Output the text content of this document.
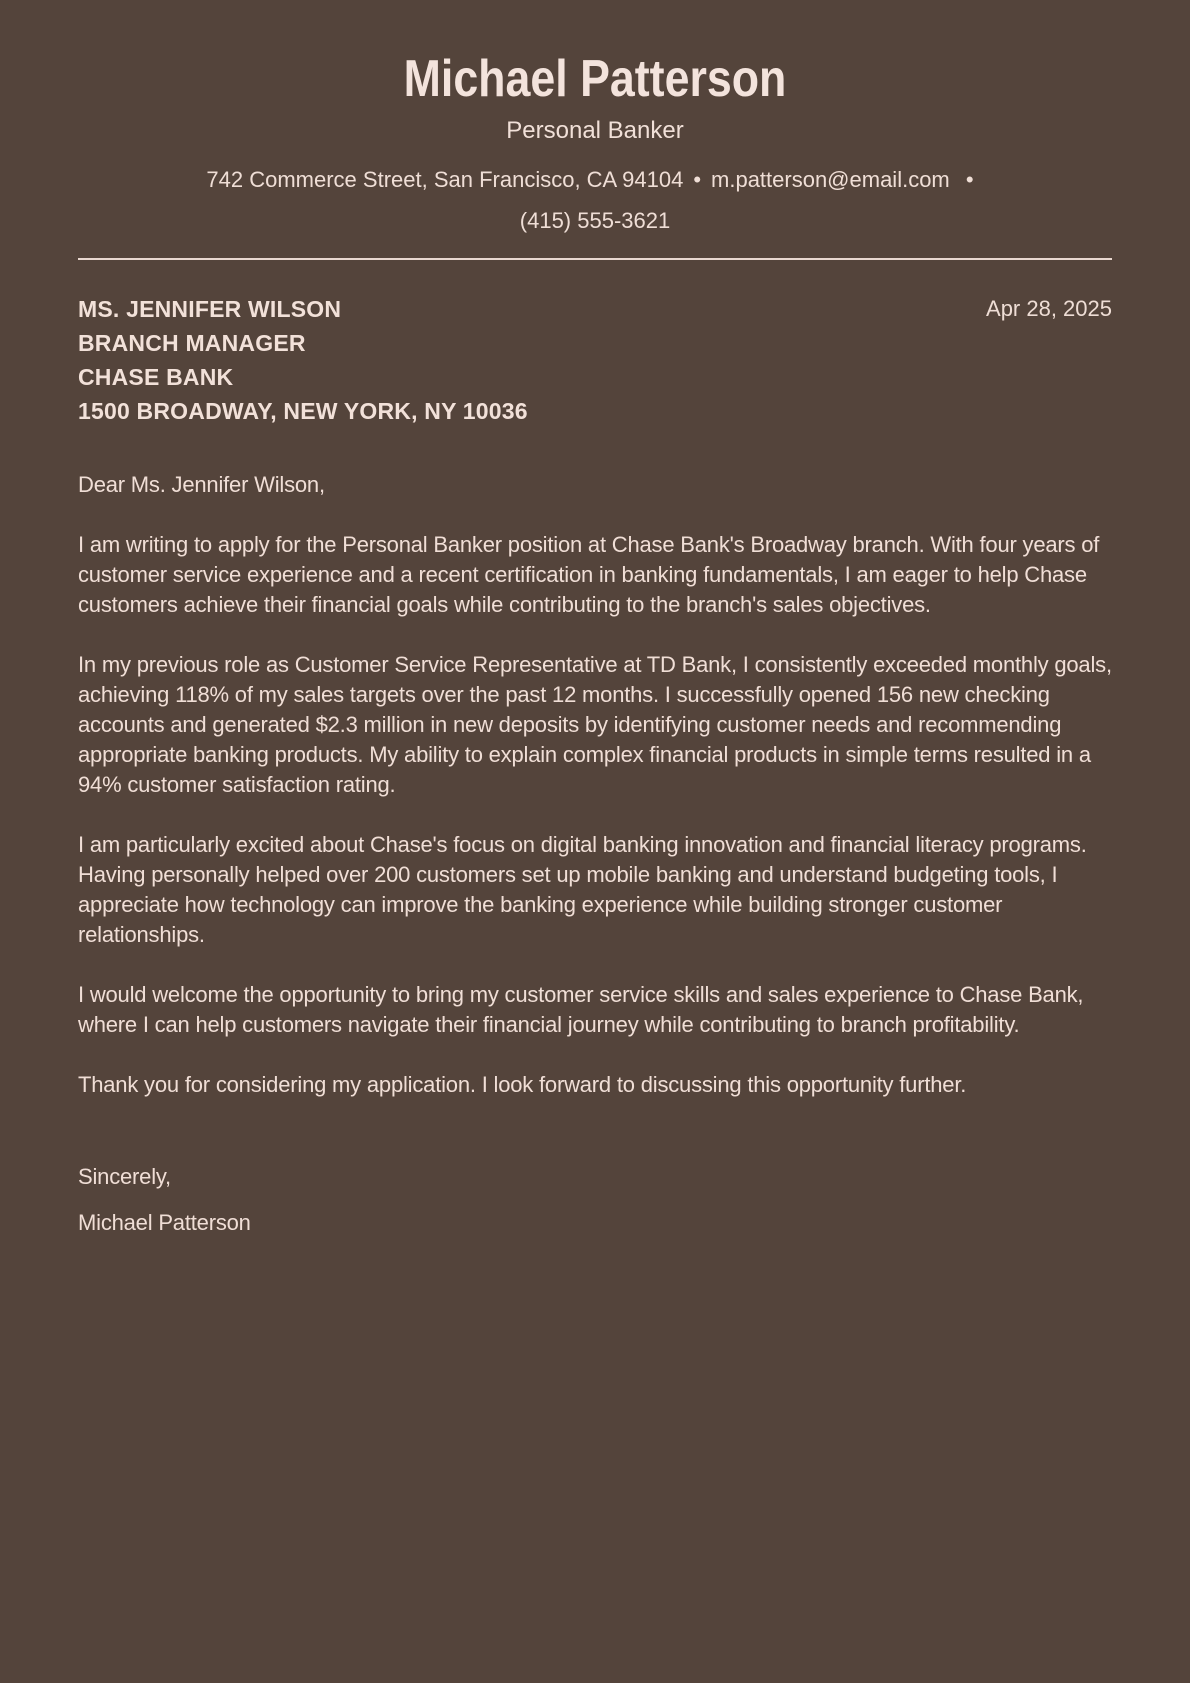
Michael Patterson
Personal Banker
742 Commerce Street, San Francisco, CA 94104 • m.patterson@email.com •
(415) 555-3621
MS. JENNIFER WILSON
BRANCH MANAGER
CHASE BANK
1500 BROADWAY, NEW YORK, NY 10036
Apr 28, 2025

Dear Ms. Jennifer Wilson,

I am writing to apply for the Personal Banker position at Chase Bank's Broadway branch. With four years of customer service experience and a recent certification in banking fundamentals, I am eager to help Chase customers achieve their financial goals while contributing to the branch's sales objectives.

In my previous role as Customer Service Representative at TD Bank, I consistently exceeded monthly goals, achieving 118% of my sales targets over the past 12 months. I successfully opened 156 new checking accounts and generated $2.3 million in new deposits by identifying customer needs and recommending appropriate banking products. My ability to explain complex financial products in simple terms resulted in a 94% customer satisfaction rating.

I am particularly excited about Chase's focus on digital banking innovation and financial literacy programs. Having personally helped over 200 customers set up mobile banking and understand budgeting tools, I appreciate how technology can improve the banking experience while building stronger customer relationships.

I would welcome the opportunity to bring my customer service skills and sales experience to Chase Bank, where I can help customers navigate their financial journey while contributing to branch profitability.

Thank you for considering my application. I look forward to discussing this opportunity further.

Sincerely,

Michael Patterson
